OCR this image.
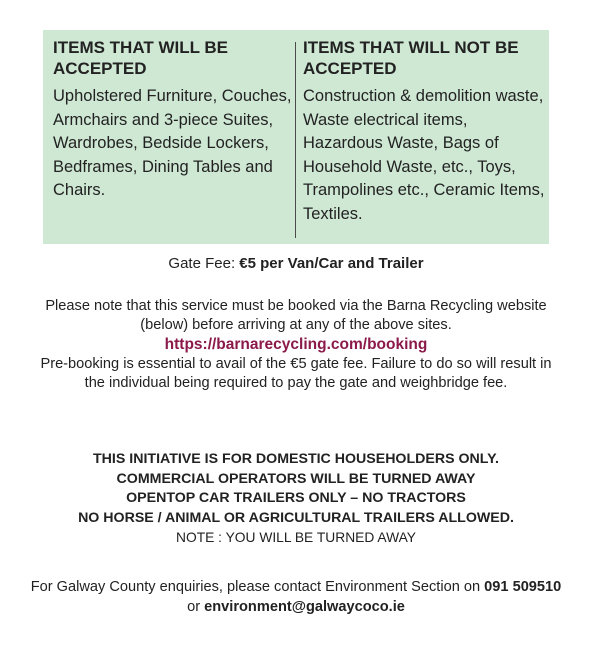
ITEMS THAT WILL BE ACCEPTED

Upholstered Furniture, Couches, Armchairs and 3-piece Suites, Wardrobes, Bedside Lockers, Bedframes, Dining Tables and Chairs.

ITEMS THAT WILL NOT BE ACCEPTED

Construction & demolition waste, Waste electrical items, Hazardous Waste, Bags of Household Waste, etc., Toys, Trampolines etc., Ceramic Items, Textiles.

Gate Fee: €5 per Van/Car and Trailer
Please note that this service must be booked via the Barna Recycling website (below) before arriving at any of the above sites.
https://barnarecycling.com/booking
Pre-booking is essential to avail of the €5 gate fee. Failure to do so will result in the individual being required to pay the gate and weighbridge fee.
THIS INITIATIVE IS FOR DOMESTIC HOUSEHOLDERS ONLY.
COMMERCIAL OPERATORS WILL BE TURNED AWAY
OPENTOP CAR TRAILERS ONLY – NO TRACTORS
NO HORSE / ANIMAL OR AGRICULTURAL TRAILERS ALLOWED.
NOTE : YOU WILL BE TURNED AWAY
For Galway County enquiries, please contact Environment Section on 091 509510 or environment@galwaycoco.ie
